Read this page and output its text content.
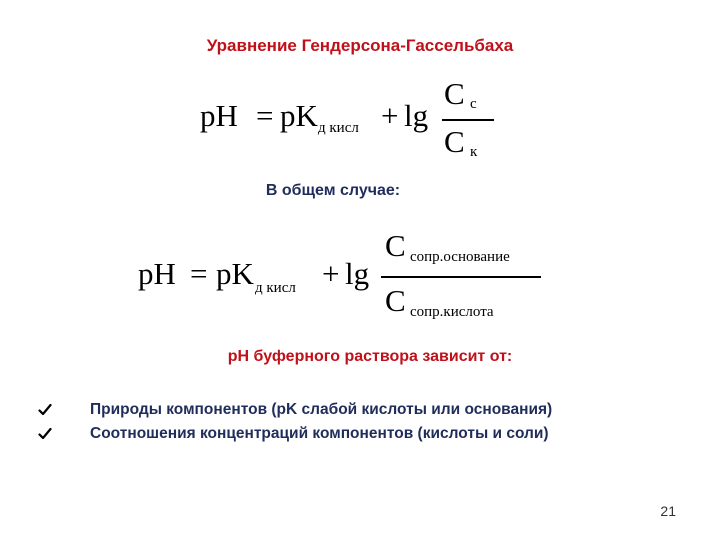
Уравнение Гендерсона-Гассельбаха
pH = pK д кисл + lg
C c
C к
В общем случае:
pH = pK д кисл + lg
C сопр.основание
C сопр.кислота
pH буферного раствора зависит от:
Природы компонентов (pK слабой кислоты или основания)
Соотношения концентраций компонентов (кислоты и соли)
21
